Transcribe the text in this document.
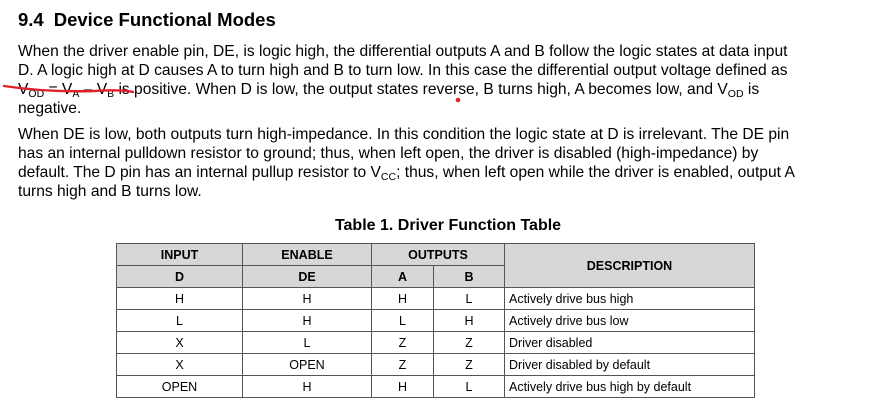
9.4 Device Functional Modes
When the driver enable pin, DE, is logic high, the differential outputs A and B follow the logic states at data input
D. A logic high at D causes A to turn high and B to turn low. In this case the differential output voltage defined as
$V_{OD} = V_A - V_B$ is positive. When D is low, the output states reverse, B turns high, A becomes low, and $V_{OD}$ is
negative.
When DE is low, both outputs turn high-impedance. In this condition the logic state at D is irrelevant. The DE pin
has an internal pulldown resistor to ground; thus, when left open, the driver is disabled (high-impedance) by
default. The D pin has an internal pullup resistor to $V_{CC}$; thus, when left open while the driver is enabled, output A
turns high and B turns low.
Table 1. Driver Function Table
INPUT	ENABLE	OUTPUTS		DESCRIPTION
D	DE	A	B	
H	H	H	L	Actively drive bus high
L	H	L	H	Actively drive bus low
X	L	Z	Z	Driver disabled
X	OPEN	Z	Z	Driver disabled by default
OPEN	H	H	L	Actively drive bus high by default
